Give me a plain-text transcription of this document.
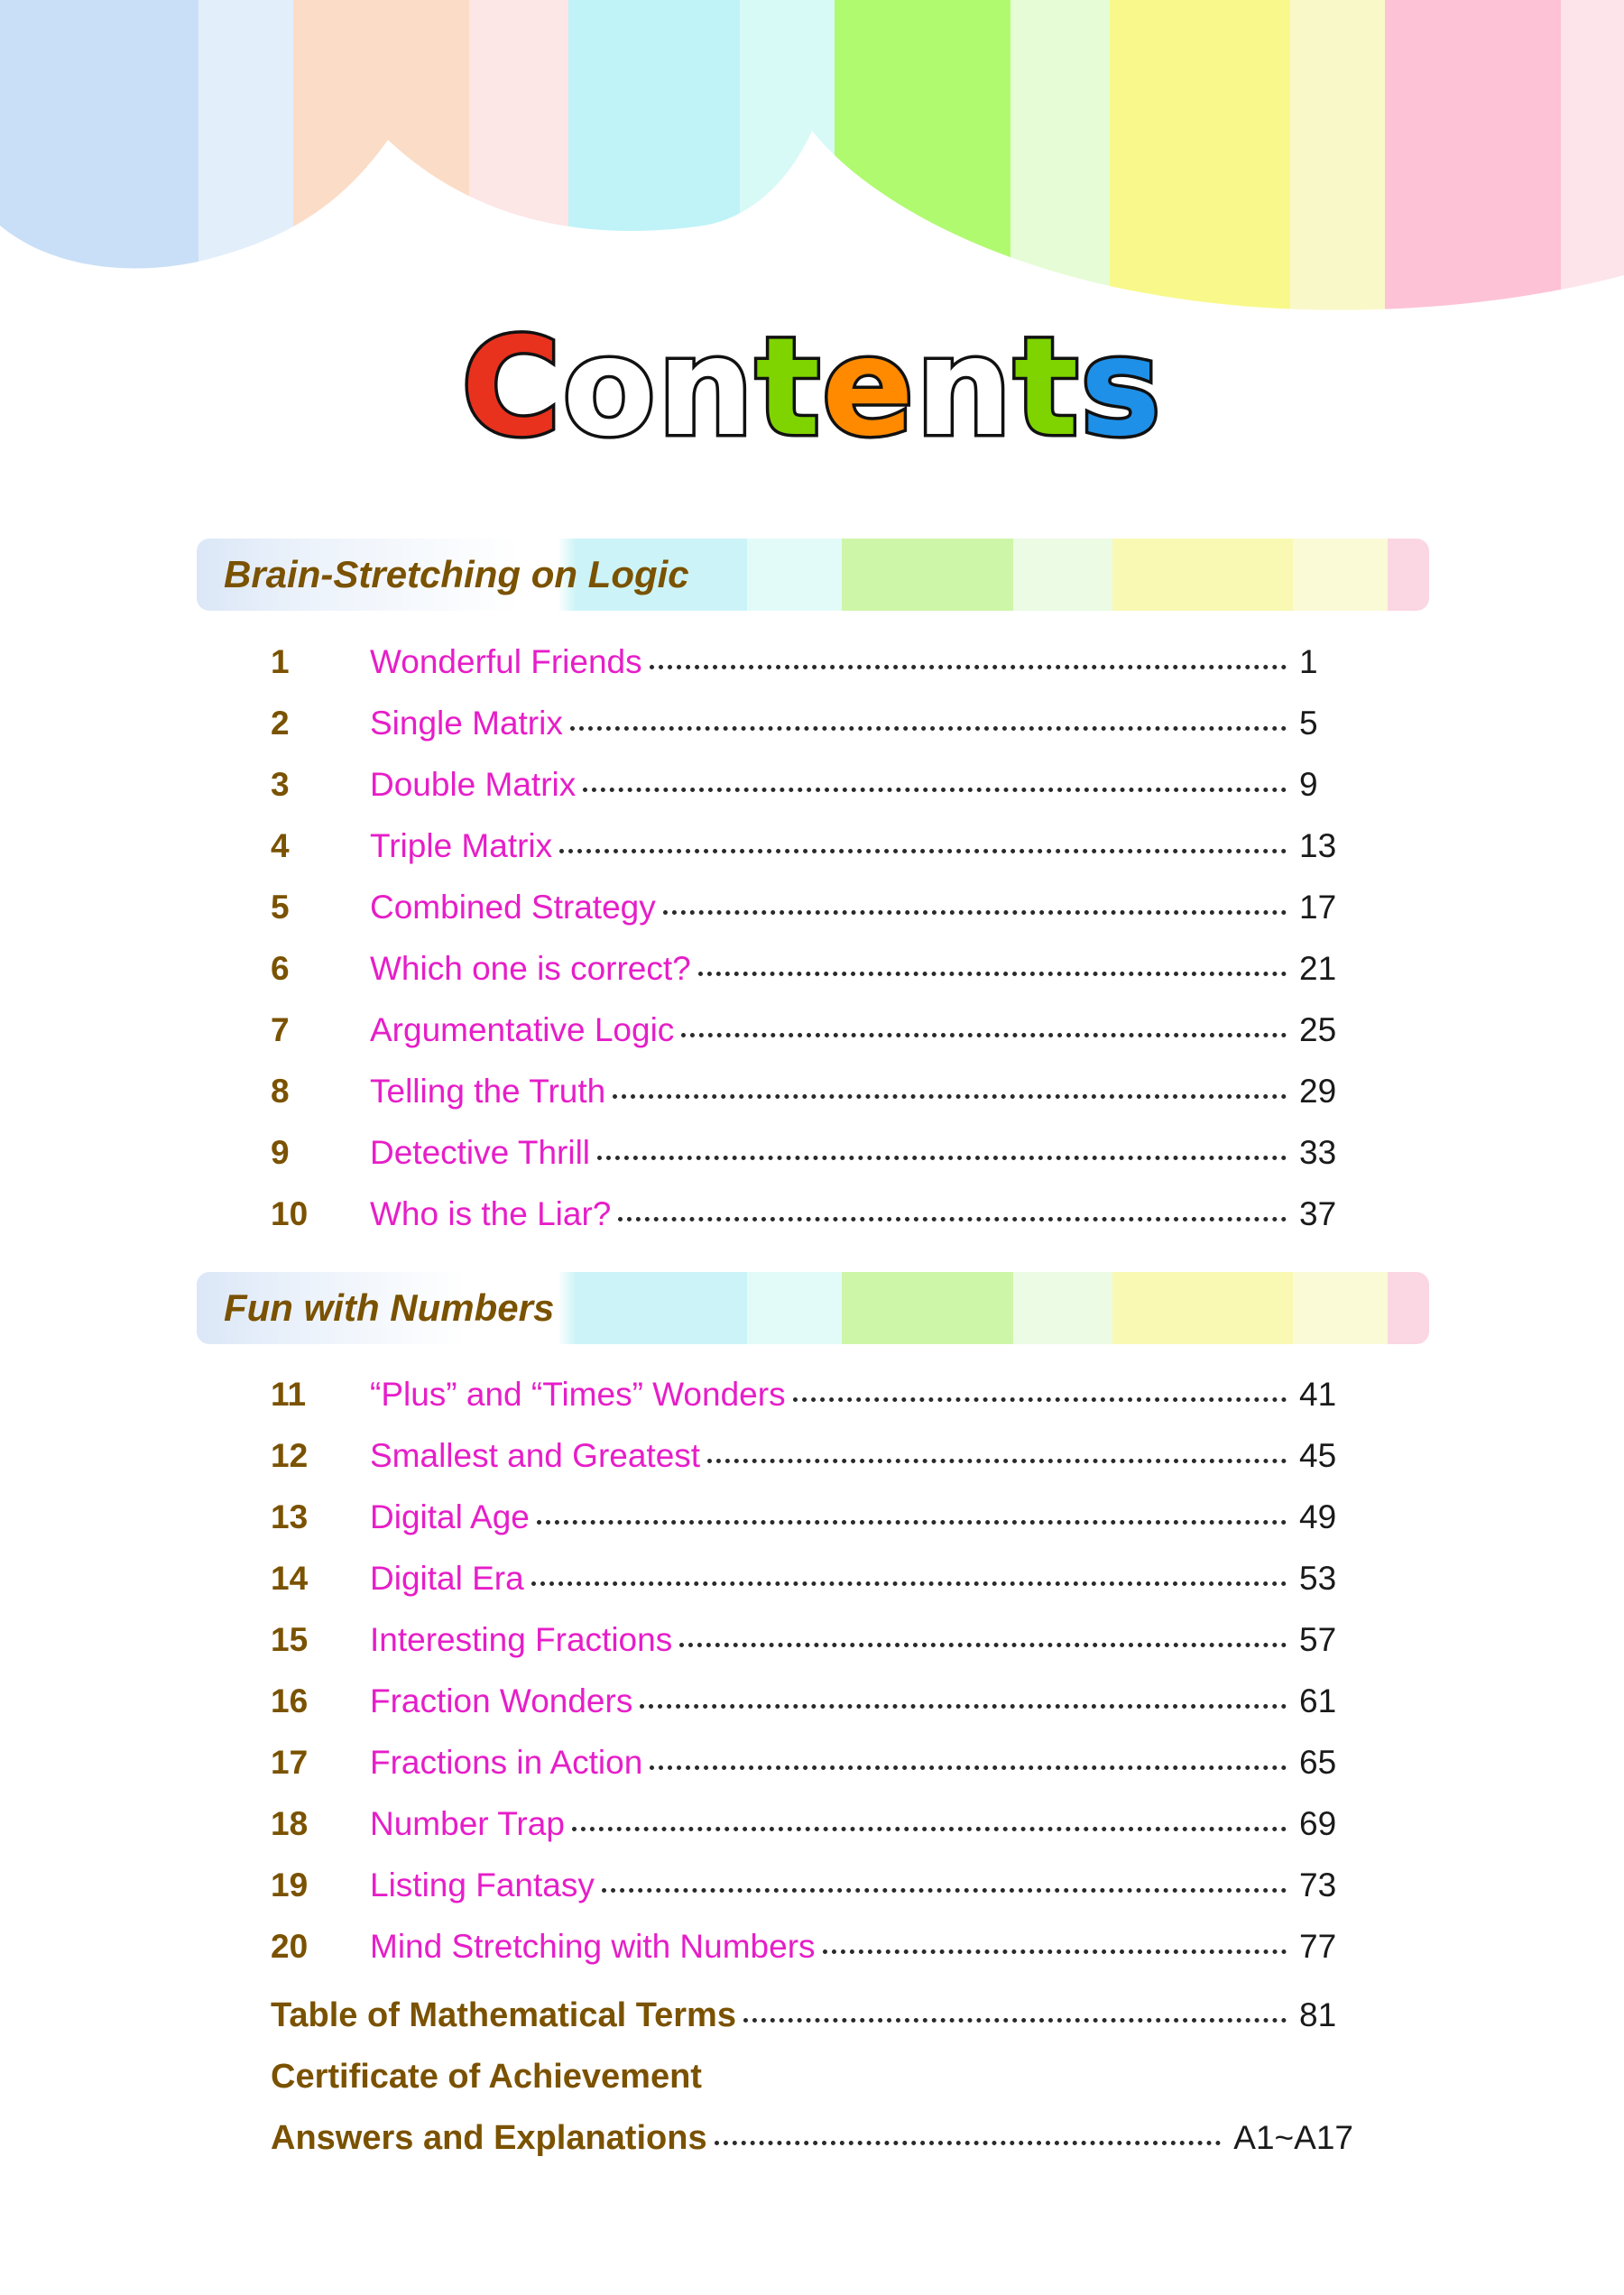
Contents
Brain-Stretching on Logic
1 Wonderful Friends	1
2 Single Matrix	5
3 Double Matrix	9
4 Triple Matrix	13
5 Combined Strategy	17
6 Which one is correct?	21
7 Argumentative Logic	25
8 Telling the Truth	29
9 Detective Thrill	33
10 Who is the Liar?	37
Fun with Numbers
11 “Plus” and “Times” Wonders	41
12 Smallest and Greatest	45
13 Digital Age	49
14 Digital Era	53
15 Interesting Fractions	57
16 Fraction Wonders	61
17 Fractions in Action	65
18 Number Trap	69
19 Listing Fantasy	73
20 Mind Stretching with Numbers	77
Table of Mathematical Terms	81
Certificate of Achievement
Answers and Explanations	A1~A17
